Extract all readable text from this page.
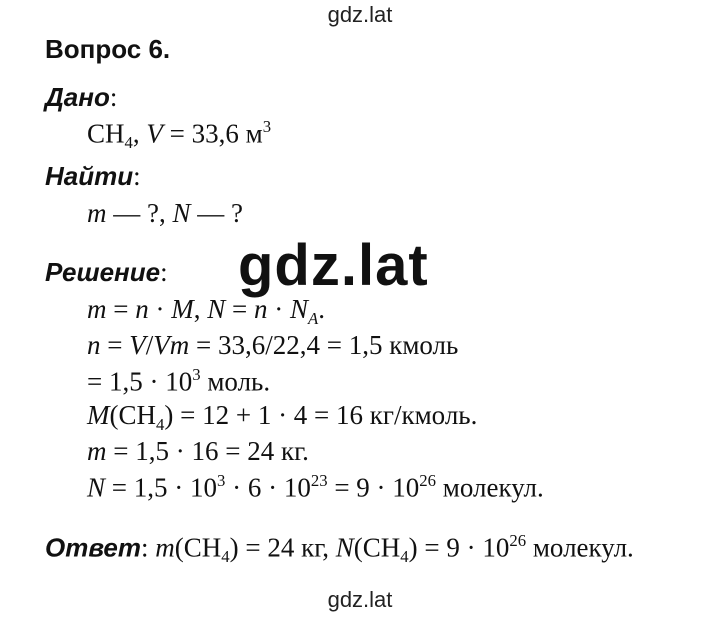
gdz.lat
gdz.lat
gdz.lat
Вопрос 6.
Дано:
$CH_4$, V = 33,6 $м^3$
Найти:
m — ?, N — ?
Решение:
m = n · M, $N = n \cdot N_A$.
n = V/Vm = 33,6/22,4 = 1,5 кмоль
= $1,5 \cdot 10^3$ моль.
$M(CH_4) = 12 + 1 \cdot 4 = 16$ кг/кмоль.
m = 1,5 · 16 = 24 кг.
$N = 1,5 \cdot 10^3 \cdot 6 \cdot 10^{23} = 9 \cdot 10^{26}$ молекул.
Ответ: $m(CH_4) = 24$ кг, $N(CH_4) = 9 \cdot 10^{26}$ молекул.
